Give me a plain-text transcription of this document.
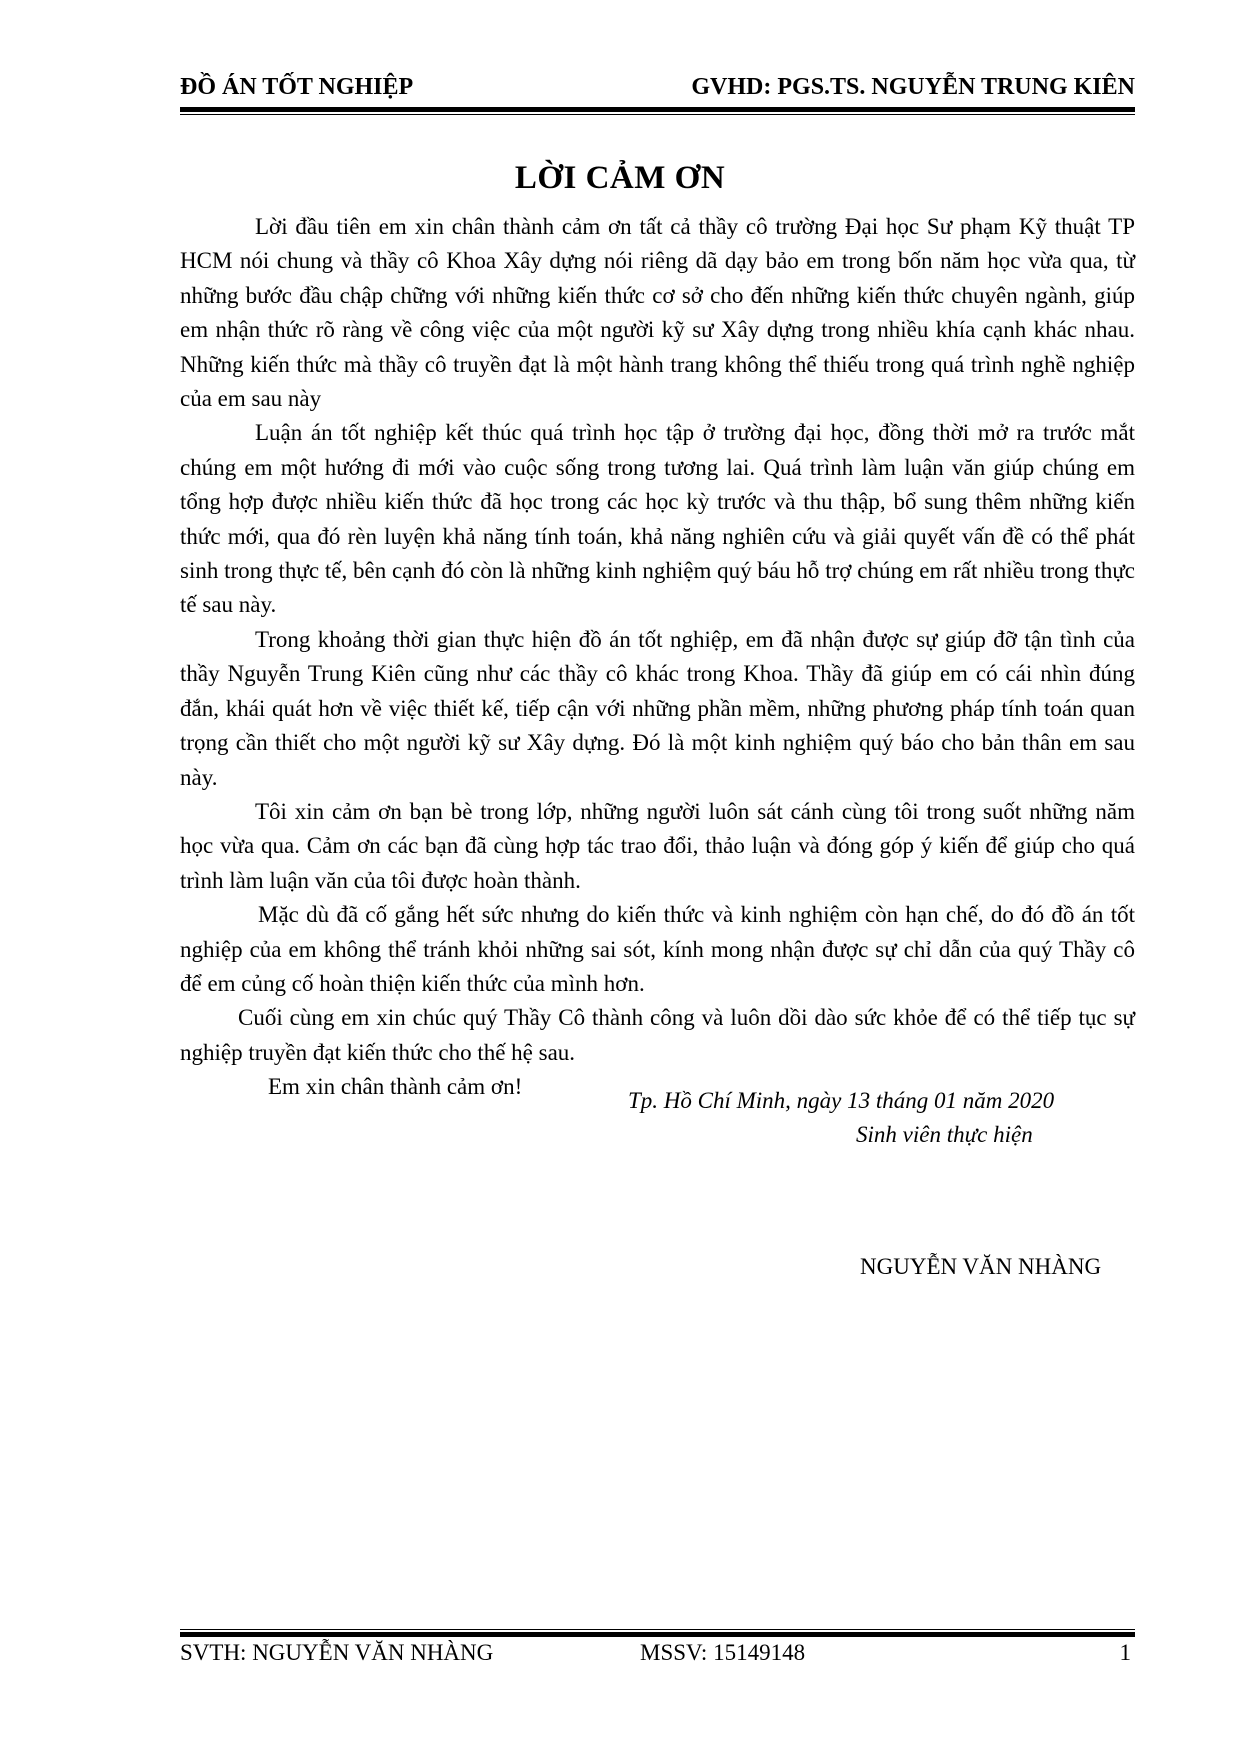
ĐỒ ÁN TỐT NGHIỆP	GVHD: PGS.TS. NGUYỄN TRUNG KIÊN
LỜI CẢM ƠN

Lời đầu tiên em xin chân thành cảm ơn tất cả thầy cô trường Đại học Sư phạm Kỹ thuật TP HCM nói chung và thầy cô Khoa Xây dựng nói riêng dã dạy bảo em trong bốn năm học vừa qua, từ những bước đầu chập chững với những kiến thức cơ sở cho đến những kiến thức chuyên ngành, giúp em nhận thức rõ ràng về công việc của một người kỹ sư Xây dựng trong nhiều khía cạnh khác nhau. Những kiến thức mà thầy cô truyền đạt là một hành trang không thể thiếu trong quá trình nghề nghiệp của em sau này

Luận án tốt nghiệp kết thúc quá trình học tập ở trường đại học, đồng thời mở ra trước mắt chúng em một hướng đi mới vào cuộc sống trong tương lai. Quá trình làm luận văn giúp chúng em tổng hợp được nhiều kiến thức đã học trong các học kỳ trước và thu thập, bổ sung thêm những kiến thức mới, qua đó rèn luyện khả năng tính toán, khả năng nghiên cứu và giải quyết vấn đề có thể phát sinh trong thực tế, bên cạnh đó còn là những kinh nghiệm quý báu hỗ trợ chúng em rất nhiều trong thực tế sau này.

Trong khoảng thời gian thực hiện đồ án tốt nghiệp, em đã nhận được sự giúp đỡ tận tình của thầy Nguyễn Trung Kiên cũng như các thầy cô khác trong Khoa. Thầy đã giúp em có cái nhìn đúng đắn, khái quát hơn về việc thiết kế, tiếp cận với những phần mềm, những phương pháp tính toán quan trọng cần thiết cho một người kỹ sư Xây dựng. Đó là một kinh nghiệm quý báo cho bản thân em sau này.

Tôi xin cảm ơn bạn bè trong lớp, những người luôn sát cánh cùng tôi trong suốt những năm học vừa qua. Cảm ơn các bạn đã cùng hợp tác trao đổi, thảo luận và đóng góp ý kiến để giúp cho quá trình làm luận văn của tôi được hoàn thành.

Mặc dù đã cố gắng hết sức nhưng do kiến thức và kinh nghiệm còn hạn chế, do đó đồ án tốt nghiệp của em không thể tránh khỏi những sai sót, kính mong nhận được sự chỉ dẫn của quý Thầy cô để em củng cố hoàn thiện kiến thức của mình hơn.

Cuối cùng em xin chúc quý Thầy Cô thành công và luôn dồi dào sức khỏe để có thể tiếp tục sự nghiệp truyền đạt kiến thức cho thế hệ sau.

Em xin chân thành cảm ơn!

Tp. Hồ Chí Minh, ngày 13 tháng 01 năm 2020
Sinh viên thực hiện
NGUYỄN VĂN NHÀNG
SVTH: NGUYỄN VĂN NHÀNG	MSSV: 15149148	1
